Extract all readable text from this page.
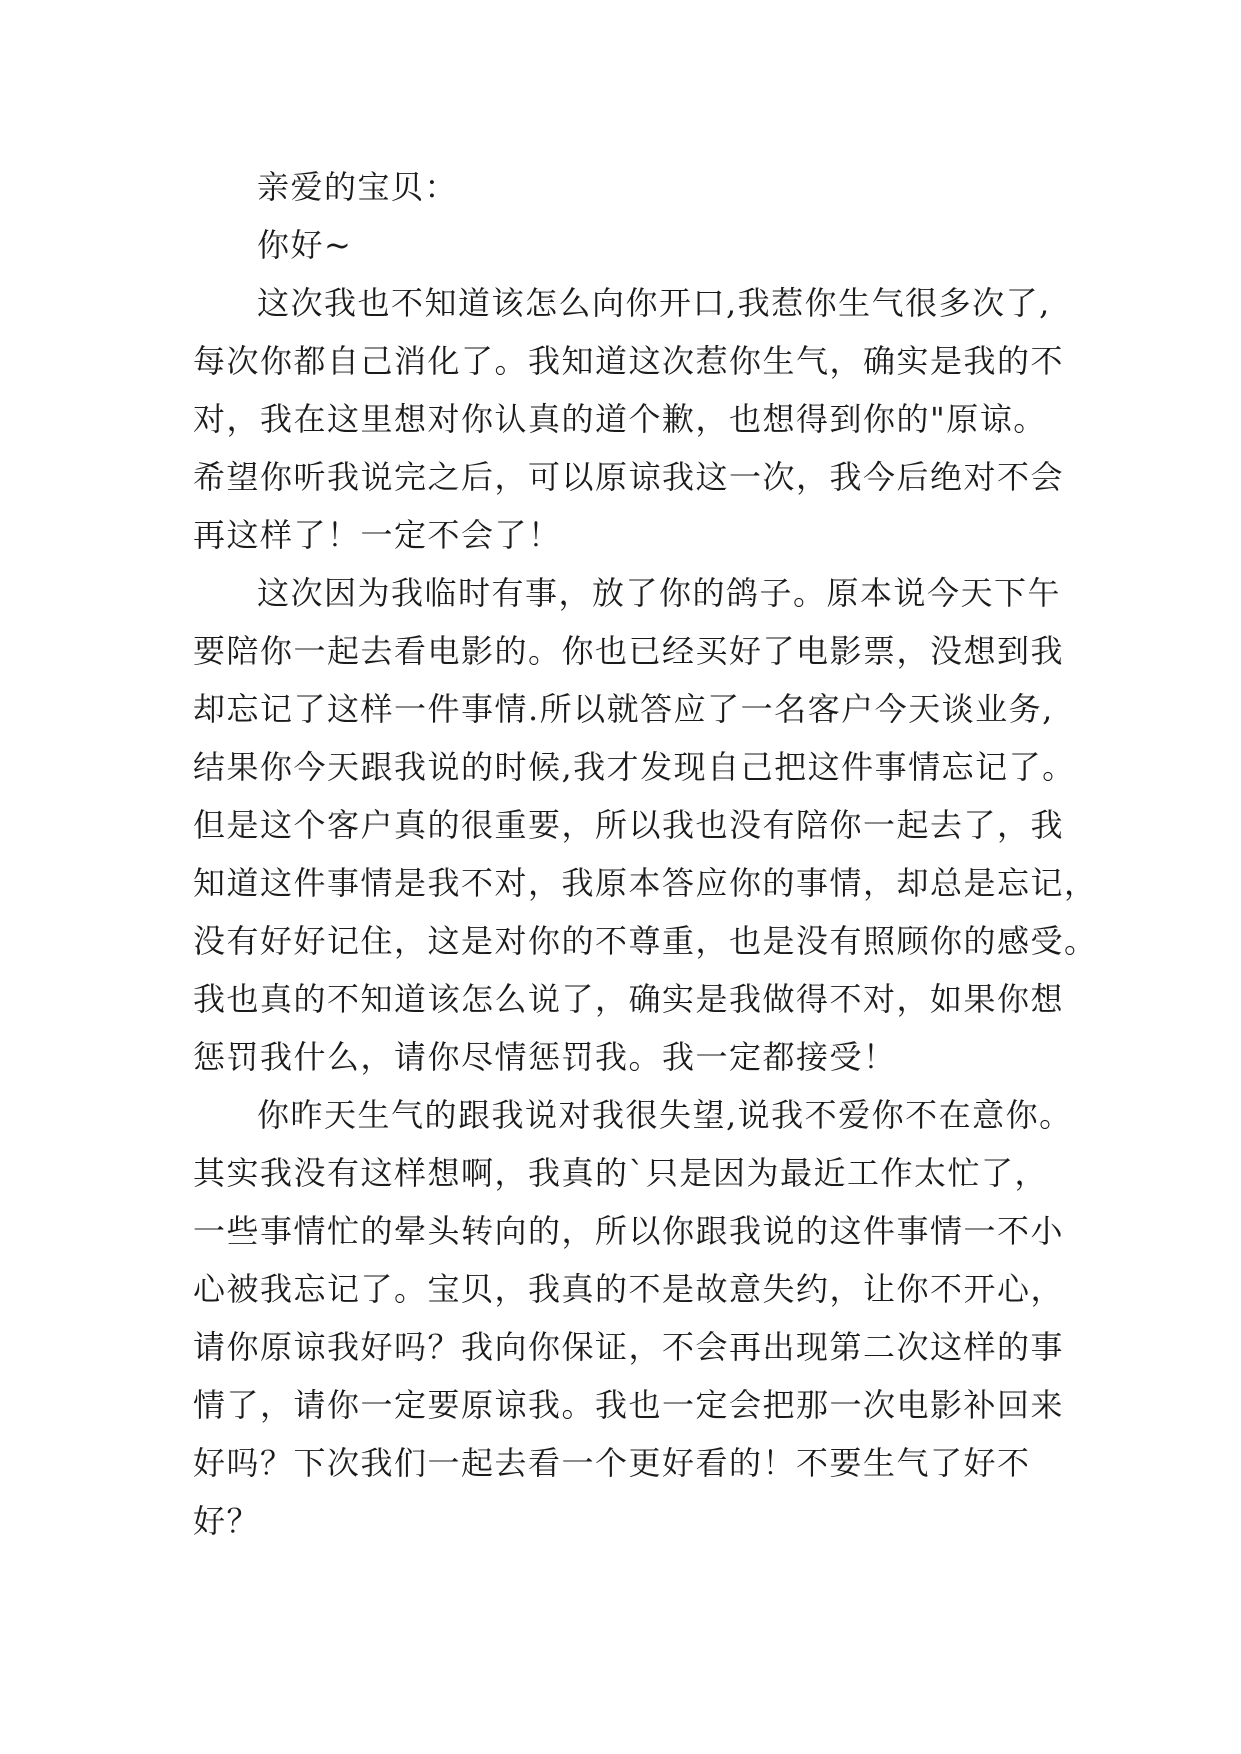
亲爱的宝贝：
你好~
这次我也不知道该怎么向你开口,我惹你生气很多次了,
每次你都自己消化了。我知道这次惹你生气，确实是我的不
对，我在这里想对你认真的道个歉，也想得到你的"原谅。
希望你听我说完之后，可以原谅我这一次，我今后绝对不会
再这样了！一定不会了！
这次因为我临时有事，放了你的鸽子。原本说今天下午
要陪你一起去看电影的。你也已经买好了电影票，没想到我
却忘记了这样一件事情.所以就答应了一名客户今天谈业务,
结果你今天跟我说的时候,我才发现自己把这件事情忘记了。
但是这个客户真的很重要，所以我也没有陪你一起去了，我
知道这件事情是我不对，我原本答应你的事情，却总是忘记，
没有好好记住，这是对你的不尊重，也是没有照顾你的感受。
我也真的不知道该怎么说了，确实是我做得不对，如果你想
惩罚我什么，请你尽情惩罚我。我一定都接受！
你昨天生气的跟我说对我很失望,说我不爱你不在意你。
其实我没有这样想啊，我真的`只是因为最近工作太忙了，
一些事情忙的晕头转向的，所以你跟我说的这件事情一不小
心被我忘记了。宝贝，我真的不是故意失约，让你不开心，
请你原谅我好吗？我向你保证，不会再出现第二次这样的事
情了，请你一定要原谅我。我也一定会把那一次电影补回来
好吗？下次我们一起去看一个更好看的！不要生气了好不
好？
